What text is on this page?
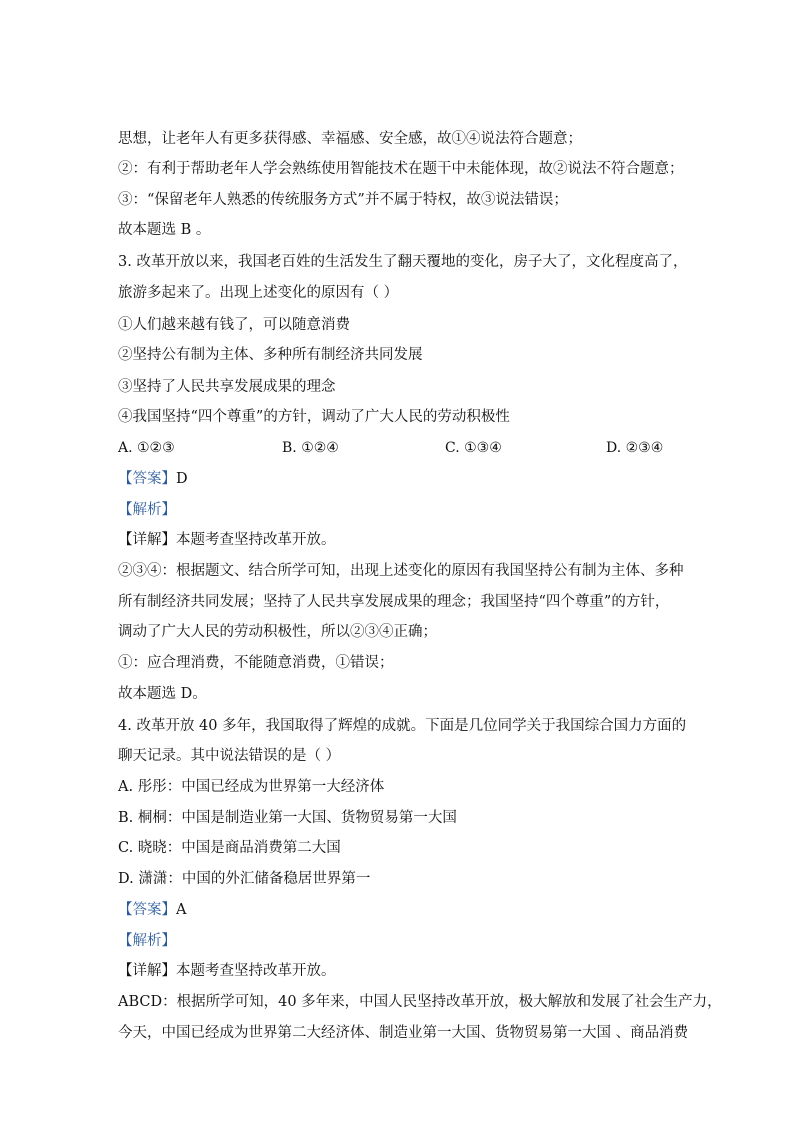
思想，让老年人有更多获得感、幸福感、安全感，故①④说法符合题意；
②：有利于帮助老年人学会熟练使用智能技术在题干中未能体现，故②说法不符合题意；
③：“保留老年人熟悉的传统服务方式”并不属于特权，故③说法错误；
故本题选 B 。
3. 改革开放以来，我国老百姓的生活发生了翻天覆地的变化，房子大了，文化程度高了，
旅游多起来了。出现上述变化的原因有（ ）
①人们越来越有钱了，可以随意消费
②坚持公有制为主体、多种所有制经济共同发展
③坚持了人民共享发展成果的理念
④我国坚持“四个尊重”的方针，调动了广大人民的劳动积极性
A. ①②③	B. ①②④	C. ①③④	D. ②③④
【答案】D
【解析】
【详解】本题考查坚持改革开放。
②③④：根据题文、结合所学可知，出现上述变化的原因有我国坚持公有制为主体、多种
所有制经济共同发展；坚持了人民共享发展成果的理念；我国坚持“四个尊重”的方针，
调动了广大人民的劳动积极性，所以②③④正确；
①：应合理消费，不能随意消费，①错误；
故本题选 D。
4. 改革开放 40 多年，我国取得了辉煌的成就。下面是几位同学关于我国综合国力方面的
聊天记录。其中说法错误的是（ ）
A. 彤彤：中国已经成为世界第一大经济体
B. 桐桐：中国是制造业第一大国、货物贸易第一大国
C. 晓晓：中国是商品消费第二大国
D. 潇潇：中国的外汇储备稳居世界第一
【答案】A
【解析】
【详解】本题考查坚持改革开放。
ABCD：根据所学可知，40 多年来，中国人民坚持改革开放，极大解放和发展了社会生产力，
今天，中国已经成为世界第二大经济体、制造业第一大国、货物贸易第一大国 、商品消费
